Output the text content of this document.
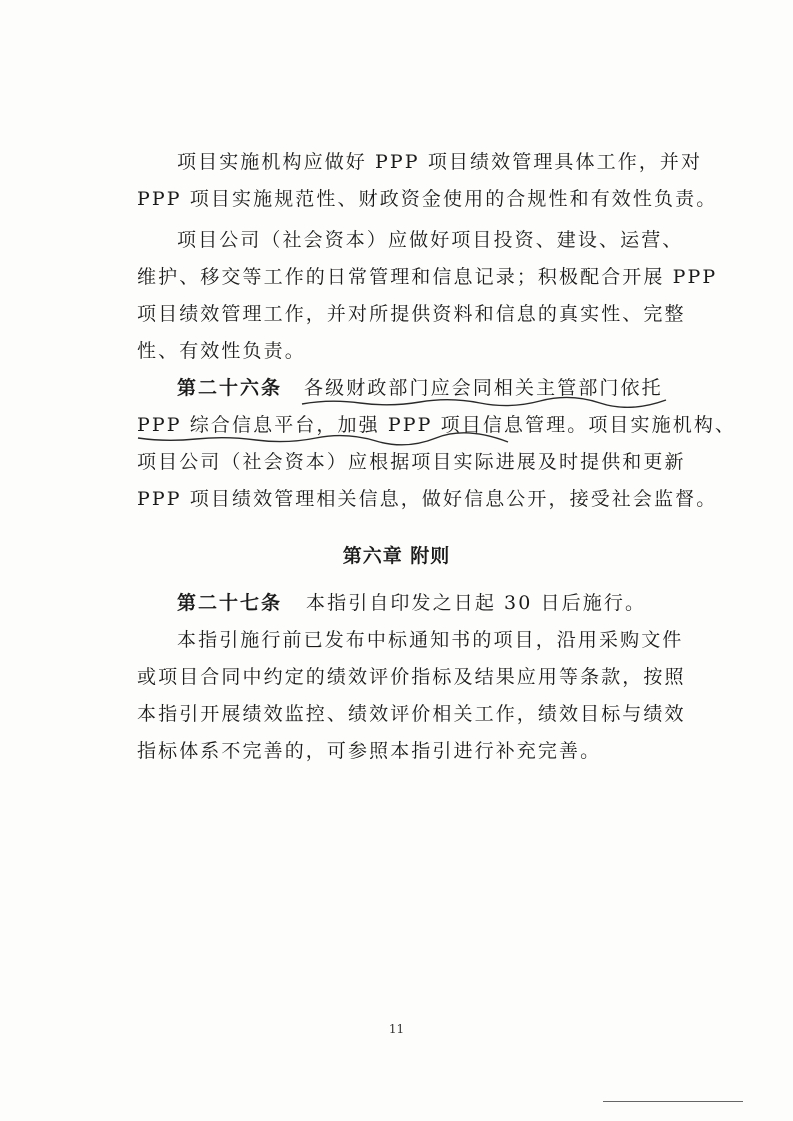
项目实施机构应做好 PPP 项目绩效管理具体工作，并对
PPP 项目实施规范性、财政资金使用的合规性和有效性负责。
项目公司（社会资本）应做好项目投资、建设、运营、
维护、移交等工作的日常管理和信息记录；积极配合开展 PPP
项目绩效管理工作，并对所提供资料和信息的真实性、完整
性、有效性负责。
第二十六条 各级财政部门应会同相关主管部门依托
PPP 综合信息平台，加强 PPP 项目信息管理。项目实施机构、
项目公司（社会资本）应根据项目实际进展及时提供和更新
PPP 项目绩效管理相关信息，做好信息公开，接受社会监督。
第六章 附则
第二十七条 本指引自印发之日起 30 日后施行。
本指引施行前已发布中标通知书的项目，沿用采购文件
或项目合同中约定的绩效评价指标及结果应用等条款，按照
本指引开展绩效监控、绩效评价相关工作，绩效目标与绩效
指标体系不完善的，可参照本指引进行补充完善。
11
